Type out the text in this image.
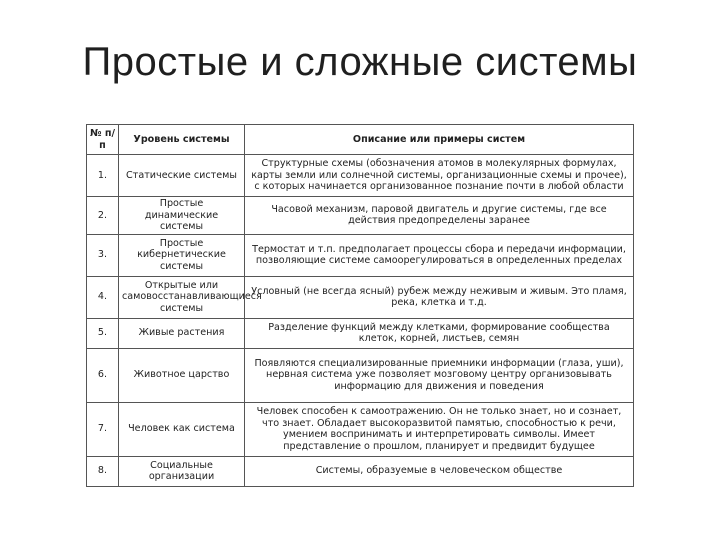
Простые и сложные системы
№ п/п	Уровень системы	Описание или примеры систем
1.	Статические системы	Структурные схемы (обозначения атомов в молекулярных формулах, карты земли или солнечной системы, организационные схемы и прочее), с которых начинается организованное познание почти в любой области
2.	Простые динамические системы	Часовой механизм, паровой двигатель и другие системы, где все действия предопределены заранее
3.	Простые кибернетические системы	Термостат и т.п. предполагает процессы сбора и передачи информации, позволяющие системе самоорегулироваться в определенных пределах
4.	Открытые или самовосстанавливающиеся системы	Условный (не всегда ясный) рубеж между неживым и живым. Это пламя, река, клетка и т.д.
5.	Живые растения	Разделение функций между клетками, формирование сообщества клеток, корней, листьев, семян
6.	Животное царство	Появляются специализированные приемники информации (глаза, уши), нервная система уже позволяет мозговому центру организовывать информацию для движения и поведения
7.	Человек как система	Человек способен к самоотражению. Он не только знает, но и сознает, что знает. Обладает высокоразвитой памятью, способностью к речи, умением воспринимать и интерпретировать символы. Имеет представление о прошлом, планирует и предвидит будущее
8.	Социальные организации	Системы, образуемые в человеческом обществе
